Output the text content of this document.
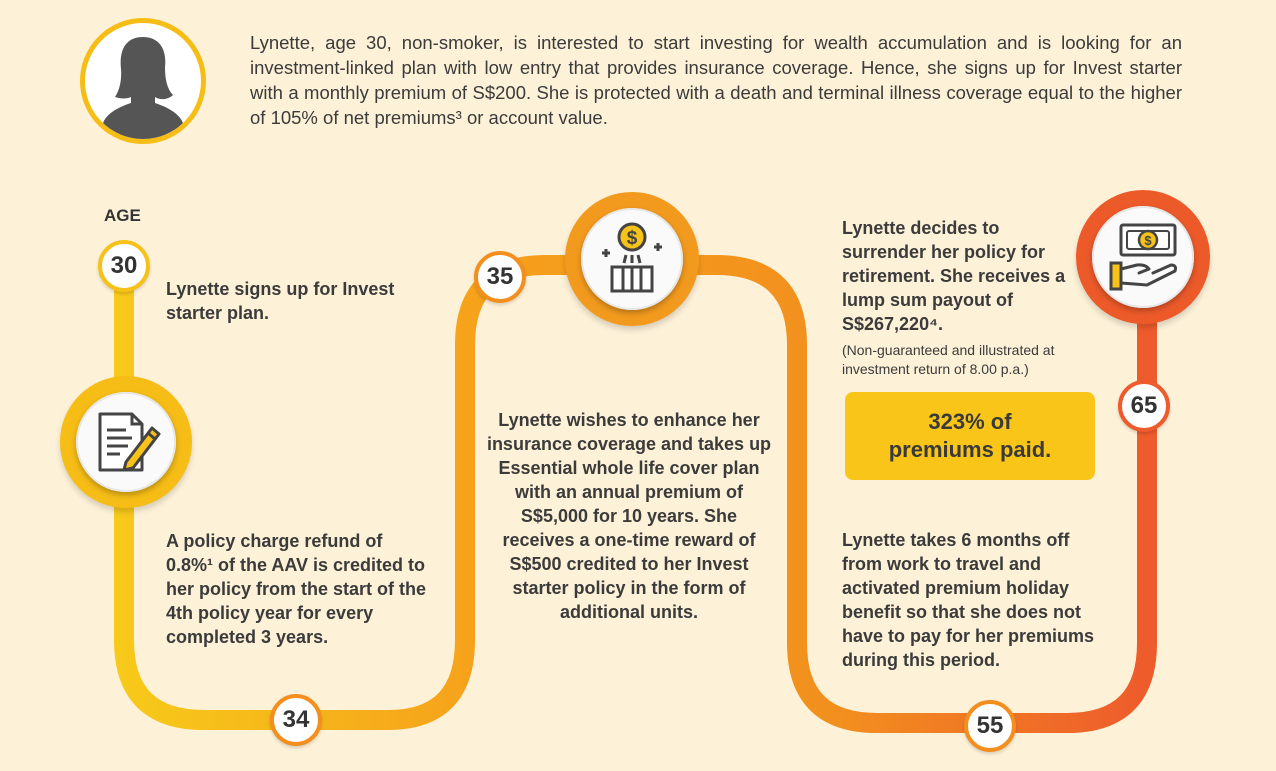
Lynette, age 30, non-smoker, is interested to start investing for wealth accumulation and is looking for an investment-linked plan with low entry that provides insurance coverage. Hence, she signs up for Invest starter with a monthly premium of S$200. She is protected with a death and terminal illness coverage equal to the higher of 105% of net premiums³ or account value.
AGE
30
34
35
55
65
$	$
Lynette signs up for Invest starter plan.
A policy charge refund of 0.8%¹ of the AAV is credited to her policy from the start of the 4th policy year for every completed 3 years.
Lynette wishes to enhance her insurance coverage and takes up Essential whole life cover plan with an annual premium of S$5,000 for 10 years. She receives a one-time reward of S$500 credited to her Invest starter policy in the form of additional units.
Lynette decides to surrender her policy for retirement. She receives a lump sum payout of S$267,220⁴.
(Non-guaranteed and illustrated at investment return of 8.00 p.a.)
323% of
premiums paid.
Lynette takes 6 months off from work to travel and activated premium holiday benefit so that she does not have to pay for her premiums during this period.
